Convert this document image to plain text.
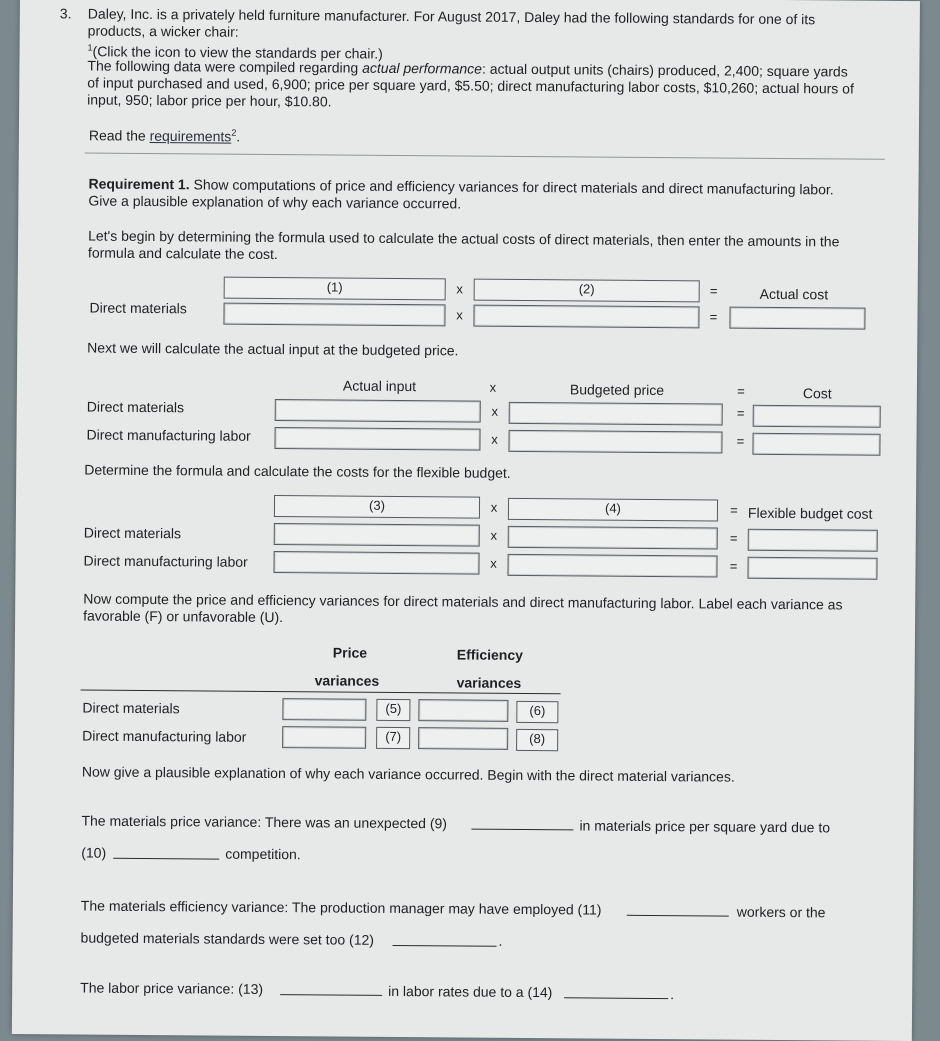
3. Daley, Inc. is a privately held furniture manufacturer. For August 2017, Daley had the following standards for one of its
products, a wicker chair:
$^1$(Click the icon to view the standards per chair.)
The following data were compiled regarding actual performance: actual output units (chairs) produced, 2,400; square yards
of input purchased and used, 6,900; price per square yard, $5.50; direct manufacturing labor costs, $10,260; actual hours of
input, 950; labor price per hour, $10.80.
Read the requirements$^2$.
Requirement 1. Show computations of price and efficiency variances for direct materials and direct manufacturing labor.
Give a plausible explanation of why each variance occurred.
Let's begin by determining the formula used to calculate the actual costs of direct materials, then enter the amounts in the
formula and calculate the cost.
(1)	x	(2)	=	Actual cost
Direct materials	x	=
Next we will calculate the actual input at the budgeted price.
Actual input	x	Budgeted price	=	Cost
Direct materials	x	=
Direct manufacturing labor	x	=
Determine the formula and calculate the costs for the flexible budget.
(3)	x	(4)	= Flexible budget cost
Direct materials	x	=
Direct manufacturing labor	x	=
Now compute the price and efficiency variances for direct materials and direct manufacturing labor. Label each variance as
favorable (F) or unfavorable (U).
Price
variances
Efficiency
variances
Direct materials	(5)	(6)
Direct manufacturing labor	(7)	(8)
Now give a plausible explanation of why each variance occurred. Begin with the direct material variances.
The materials price variance: There was an unexpected (9)	in materials price per square yard due to
(10)	competition.
The materials efficiency variance: The production manager may have employed (11)	workers or the
budgeted materials standards were set too (12)	.
The labor price variance: (13)	in labor rates due to a (14)	.
